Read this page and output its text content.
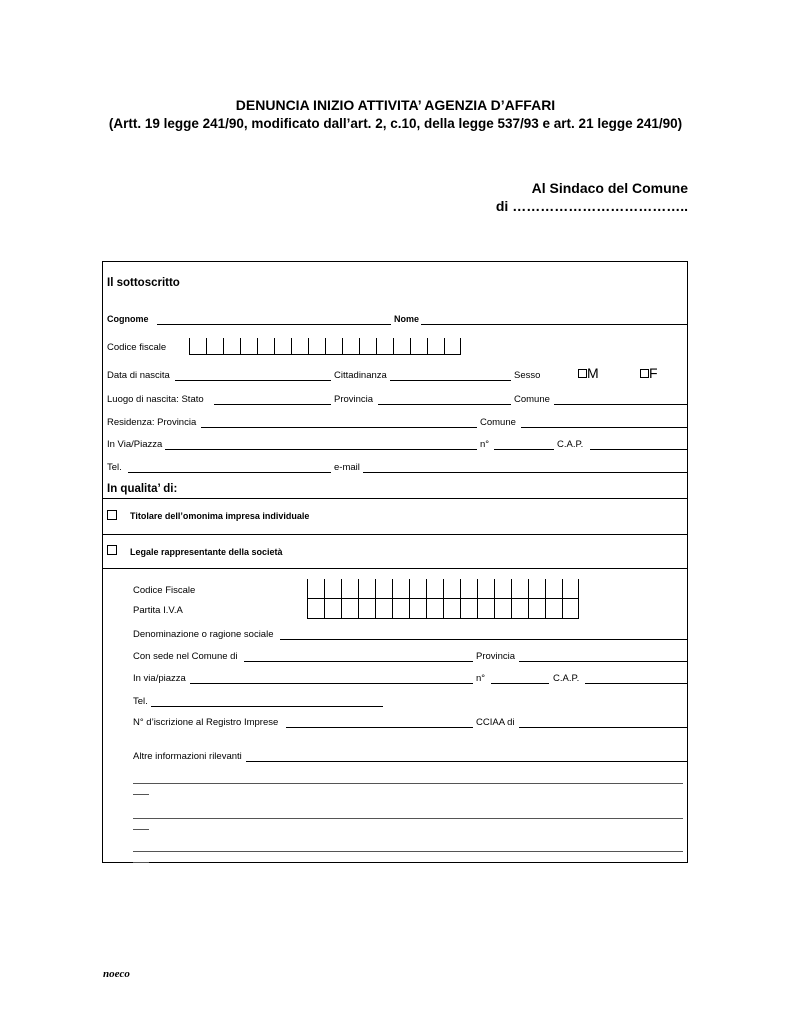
DENUNCIA INIZIO ATTIVITA’ AGENZIA D’AFFARI
(Artt. 19 legge 241/90, modificato dall’art. 2, c.10, della legge 537/93 e art. 21 legge 241/90)
Al Sindaco del Comune
di ………………………………..
Il sottoscritto
Cognome	Nome
Codice fiscale
Data di nascita	Cittadinanza	Sesso	M	F
Luogo di nascita: Stato	Provincia	Comune
Residenza: Provincia	Comune
In Via/Piazza	n°	C.A.P.
Tel.	e-mail
In qualita’ di:
Titolare dell’omonima impresa individuale
Legale rappresentante della società
Codice Fiscale
Partita I.V.A
Denominazione o ragione sociale
Con sede nel Comune di	Provincia
In via/piazza	n°	C.A.P.
Tel.
N° d’iscrizione al Registro Imprese	CCIAA di
Altre informazioni rilevanti
noeco
